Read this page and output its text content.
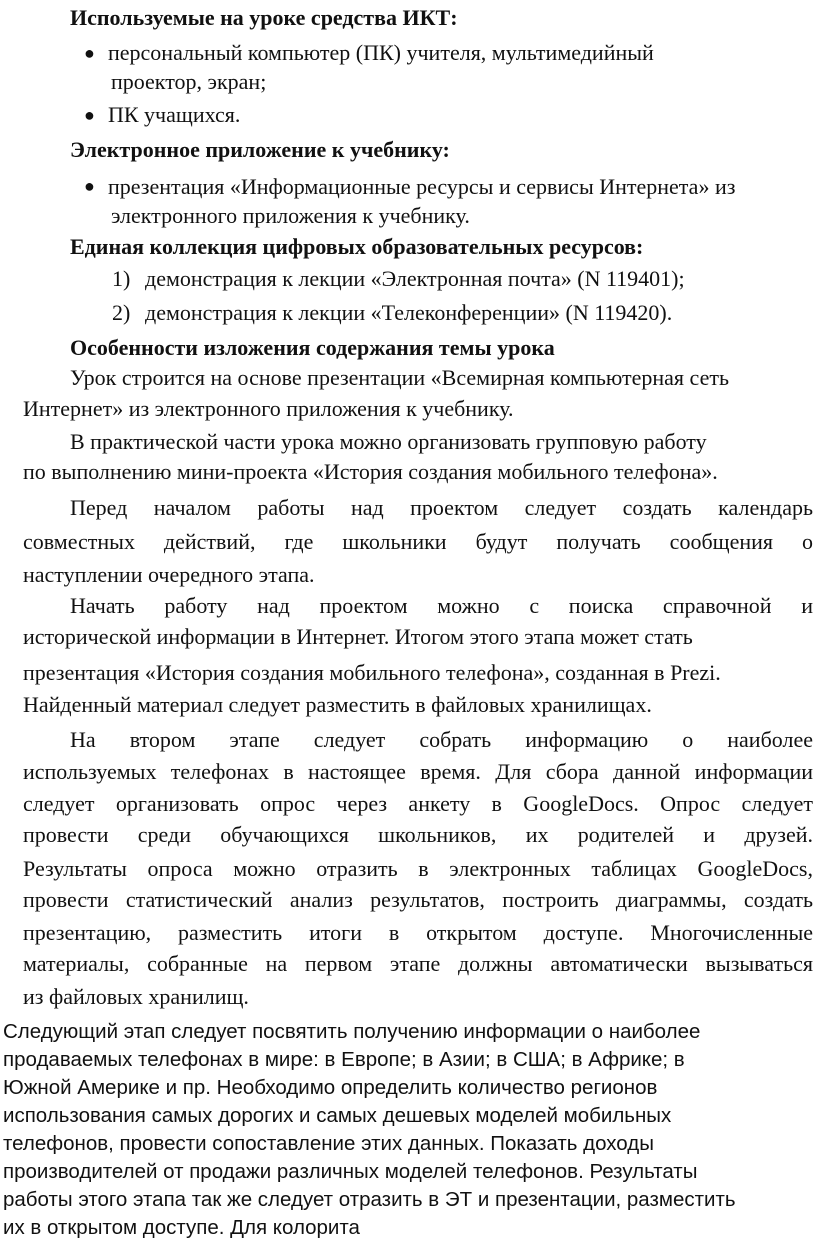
Используемые на уроке средства ИКТ:
● персональный компьютер (ПК) учителя, мультимедийный
проектор, экран;
● ПК учащихся.
Электронное приложение к учебнику:
● презентация «Информационные ресурсы и сервисы Интернета» из
электронного приложения к учебнику.
Единая коллекция цифровых образовательных ресурсов:
1) демонстрация к лекции «Электронная почта» (N 119401);
2) демонстрация к лекции «Телеконференции» (N 119420).
Особенности изложения содержания темы урока
Урок строится на основе презентации «Всемирная компьютерная сеть
Интернет» из электронного приложения к учебнику.
В практической части урока можно организовать групповую работу
по выполнению мини-проекта «История создания мобильного телефона».
Перед началом работы над проектом следует создать календарь
совместных действий, где школьники будут получать сообщения о
наступлении очередного этапа.
Начать работу над проектом можно с поиска справочной и
исторической информации в Интернет. Итогом этого этапа может стать
презентация «История создания мобильного телефона», созданная в Prezi.
Найденный материал следует разместить в файловых хранилищах.
На втором этапе следует собрать информацию о наиболее
используемых телефонах в настоящее время. Для сбора данной информации
следует организовать опрос через анкету в GoogleDocs. Опрос следует
провести среди обучающихся школьников, их родителей и друзей.
Результаты опроса можно отразить в электронных таблицах GoogleDocs,
провести статистический анализ результатов, построить диаграммы, создать
презентацию, разместить итоги в открытом доступе. Многочисленные
материалы, собранные на первом этапе должны автоматически вызываться
из файловых хранилищ.
Следующий этап следует посвятить получению информации о наиболее
продаваемых телефонах в мире: в Европе; в Азии; в США; в Африке; в
Южной Америке и пр. Необходимо определить количество регионов
использования самых дорогих и самых дешевых моделей мобильных
телефонов, провести сопоставление этих данных. Показать доходы
производителей от продажи различных моделей телефонов. Результаты
работы этого этапа так же следует отразить в ЭТ и презентации, разместить
их в открытом доступе. Для колорита
